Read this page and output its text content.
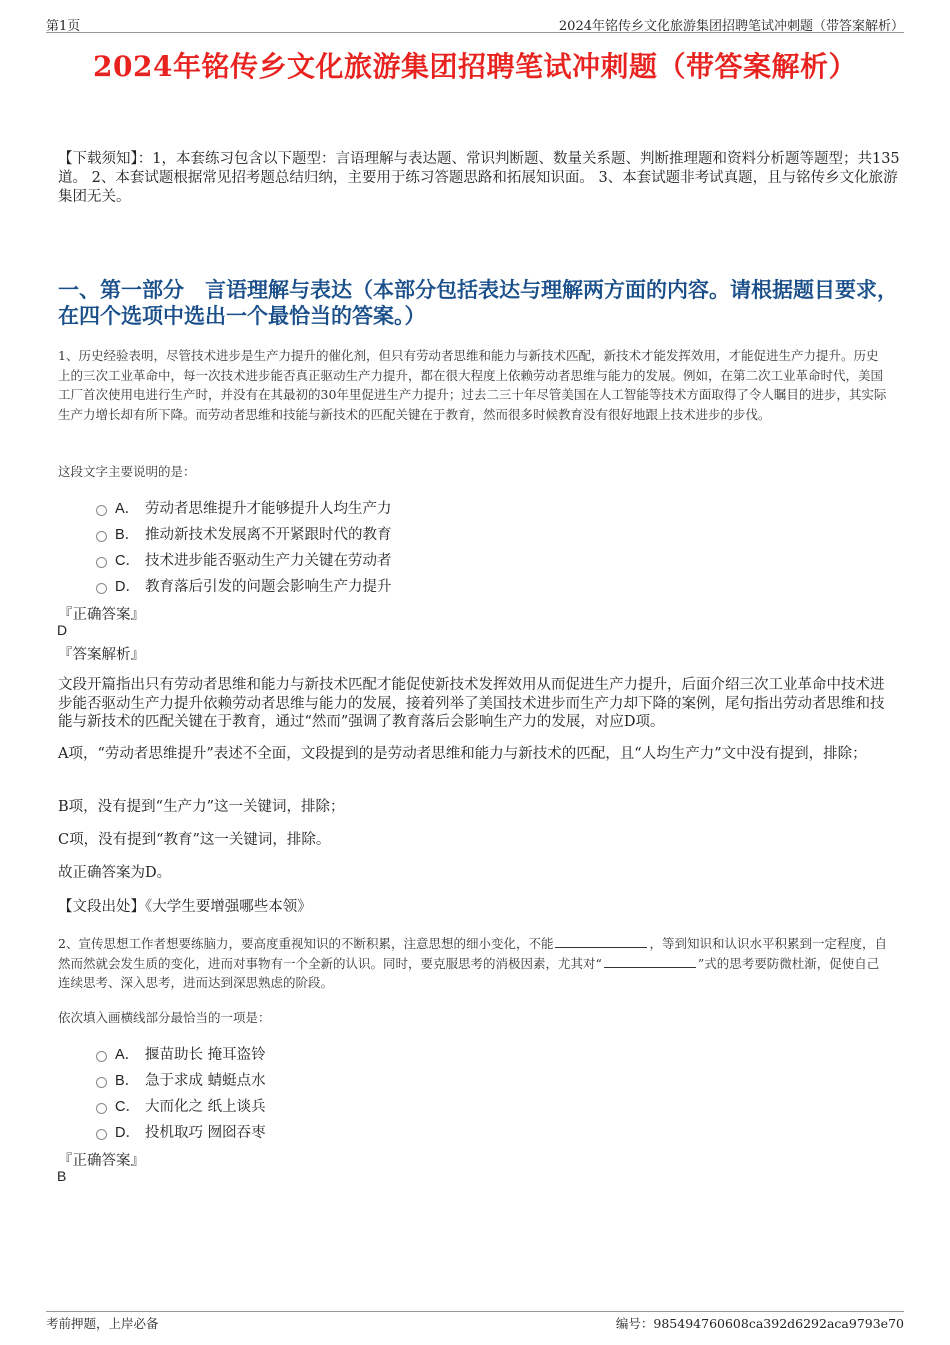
第1页	2024年铭传乡文化旅游集团招聘笔试冲刺题（带答案解析）
2024年铭传乡文化旅游集团招聘笔试冲刺题（带答案解析）

【下载须知】：1，本套练习包含以下题型：言语理解与表达题、常识判断题、数量关系题、判断推理题和资料分析题等题型；共135道。 2、本套试题根据常见招考题总结归纳，主要用于练习答题思路和拓展知识面。 3、本套试题非考试真题，且与铭传乡文化旅游集团无关。

一、第一部分　言语理解与表达（本部分包括表达与理解两方面的内容。请根据题目要求，在四个选项中选出一个最恰当的答案。）

1、历史经验表明，尽管技术进步是生产力提升的催化剂，但只有劳动者思维和能力与新技术匹配，新技术才能发挥效用，才能促进生产力提升。历史上的三次工业革命中，每一次技术进步能否真正驱动生产力提升，都在很大程度上依赖劳动者思维与能力的发展。例如，在第二次工业革命时代，美国工厂首次使用电进行生产时，并没有在其最初的30年里促进生产力提升；过去二三十年尽管美国在人工智能等技术方面取得了令人瞩目的进步，其实际生产力增长却有所下降。而劳动者思维和技能与新技术的匹配关键在于教育，然而很多时候教育没有很好地跟上技术进步的步伐。

这段文字主要说明的是：

A． 劳动者思维提升才能够提升人均生产力
B． 推动新技术发展离不开紧跟时代的教育
C． 技术进步能否驱动生产力关键在劳动者
D． 教育落后引发的问题会影响生产力提升
『正确答案』
D
『答案解析』

文段开篇指出只有劳动者思维和能力与新技术匹配才能促使新技术发挥效用从而促进生产力提升，后面介绍三次工业革命中技术进步能否驱动生产力提升依赖劳动者思维与能力的发展，接着列举了美国技术进步而生产力却下降的案例，尾句指出劳动者思维和技能与新技术的匹配关键在于教育，通过“然而”强调了教育落后会影响生产力的发展，对应D项。

A项，“劳动者思维提升”表述不全面，文段提到的是劳动者思维和能力与新技术的匹配，且“人均生产力”文中没有提到，排除；

B项，没有提到“生产力”这一关键词，排除；

C项，没有提到“教育”这一关键词，排除。

故正确答案为D。

【文段出处】《大学生要增强哪些本领》

2、宣传思想工作者想要练脑力，要高度重视知识的不断积累，注意思想的细小变化，不能	，等到知识和认识水平积累到一定程度，自然而然就会发生质的变化，进而对事物有一个全新的认识。同时，要克服思考的消极因素，尤其对“	”式的思考要防微杜渐，促使自己连续思考、深入思考，进而达到深思熟虑的阶段。

依次填入画横线部分最恰当的一项是：

A． 揠苗助长 掩耳盗铃
B． 急于求成 蜻蜓点水
C． 大而化之 纸上谈兵
D． 投机取巧 囫囵吞枣
『正确答案』
B
考前押题，上岸必备	编号：985494760608ca392d6292aca9793e70
